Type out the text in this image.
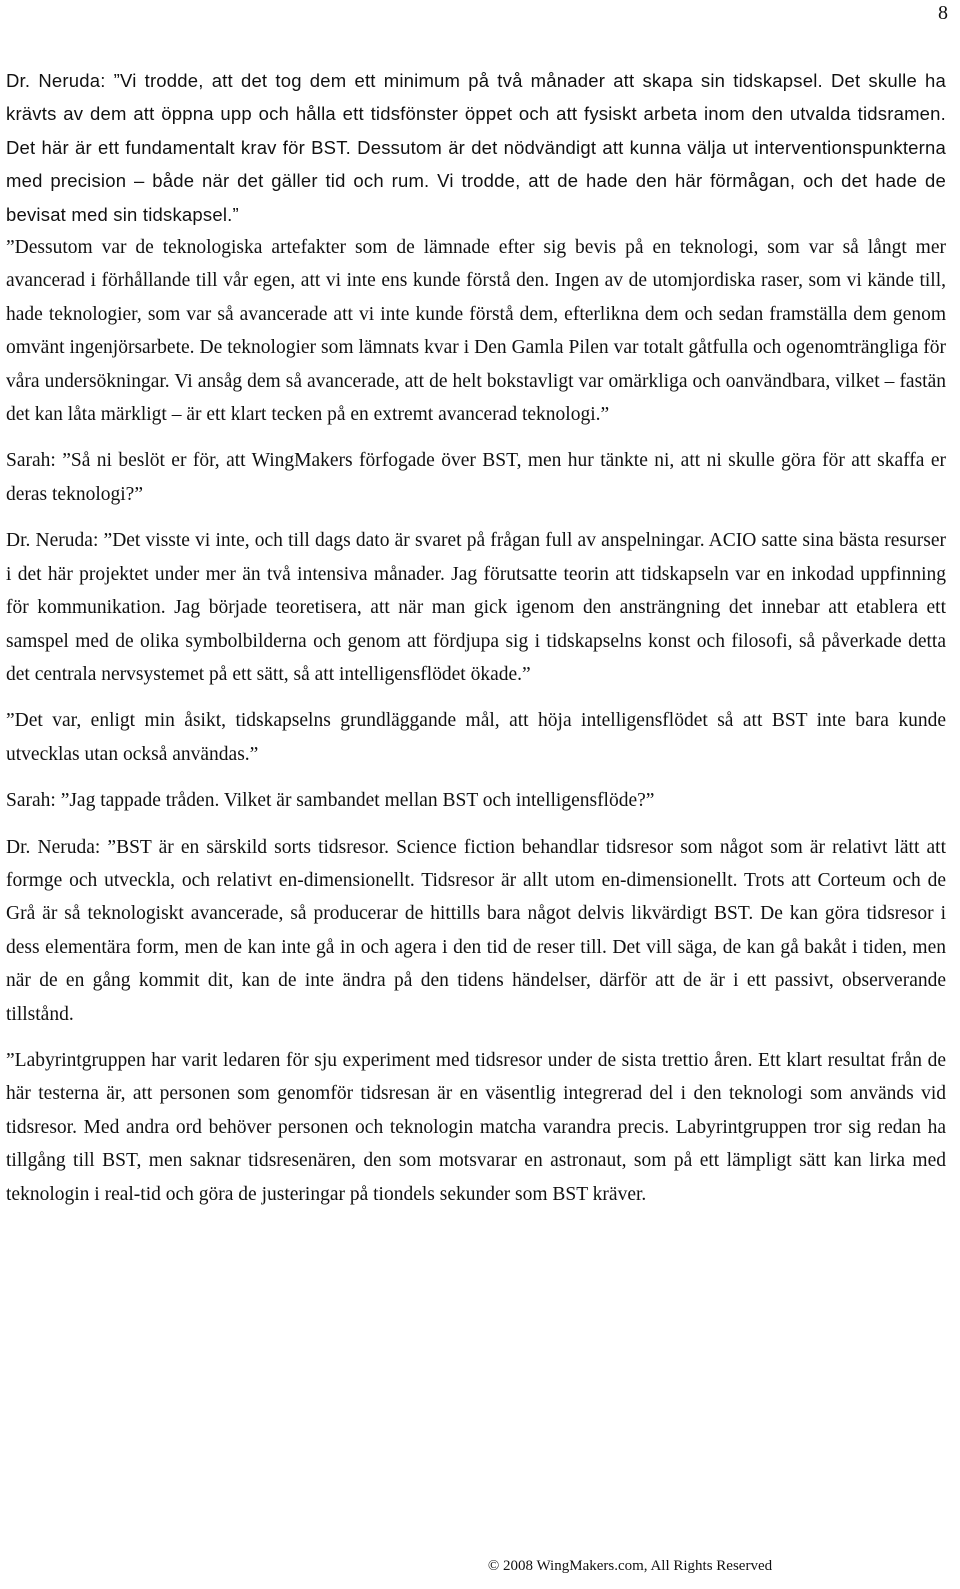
8

Dr. Neruda: ”Vi trodde, att det tog dem ett minimum på två månader att skapa sin tidskapsel. Det skulle ha krävts av dem att öppna upp och hålla ett tidsfönster öppet och att fysiskt arbeta inom den utvalda tidsramen. Det här är ett fundamentalt krav för BST. Dessutom är det nödvändigt att kunna välja ut interventionspunkterna med precision – både när det gäller tid och rum. Vi trodde, att de hade den här förmågan, och det hade de bevisat med sin tidskapsel.”

”Dessutom var de teknologiska artefakter som de lämnade efter sig bevis på en teknologi, som var så långt mer avancerad i förhållande till vår egen, att vi inte ens kunde förstå den. Ingen av de utomjordiska raser, som vi kände till, hade teknologier, som var så avancerade att vi inte kunde förstå dem, efterlikna dem och sedan framställa dem genom omvänt ingenjörsarbete. De teknologier som lämnats kvar i Den Gamla Pilen var totalt gåtfulla och ogenomträngliga för våra undersökningar. Vi ansåg dem så avancerade, att de helt bokstavligt var omärkliga och oanvändbara, vilket – fastän det kan låta märkligt – är ett klart tecken på en extremt avancerad teknologi.”

Sarah: ”Så ni beslöt er för, att WingMakers förfogade över BST, men hur tänkte ni, att ni skulle göra för att skaffa er deras teknologi?”

Dr. Neruda: ”Det visste vi inte, och till dags dato är svaret på frågan full av anspelningar. ACIO satte sina bästa resurser i det här projektet under mer än två intensiva månader. Jag förutsatte teorin att tidskapseln var en inkodad uppfinning för kommunikation. Jag började teoretisera, att när man gick igenom den ansträngning det innebar att etablera ett samspel med de olika symbolbilderna och genom att fördjupa sig i tidskapselns konst och filosofi, så påverkade detta det centrala nervsystemet på ett sätt, så att intelligensflödet ökade.”

”Det var, enligt min åsikt, tidskapselns grundläggande mål, att höja intelligensflödet så att BST inte bara kunde utvecklas utan också användas.”

Sarah: ”Jag tappade tråden. Vilket är sambandet mellan BST och intelligensflöde?”

Dr. Neruda: ”BST är en särskild sorts tidsresor. Science fiction behandlar tidsresor som något som är relativt lätt att formge och utveckla, och relativt en-dimensionellt. Tidsresor är allt utom en-dimensionellt. Trots att Corteum och de Grå är så teknologiskt avancerade, så producerar de hittills bara något delvis likvärdigt BST. De kan göra tidsresor i dess elementära form, men de kan inte gå in och agera i den tid de reser till. Det vill säga, de kan gå bakåt i tiden, men när de en gång kommit dit, kan de inte ändra på den tidens händelser, därför att de är i ett passivt, observerande tillstånd.

”Labyrintgruppen har varit ledaren för sju experiment med tidsresor under de sista trettio åren. Ett klart resultat från de här testerna är, att personen som genomför tidsresan är en väsentlig integrerad del i den teknologi som används vid tidsresor. Med andra ord behöver personen och teknologin matcha varandra precis. Labyrintgruppen tror sig redan ha tillgång till BST, men saknar tidsresenären, den som motsvarar en astronaut, som på ett lämpligt sätt kan lirka med teknologin i real-tid och göra de justeringar på tiondels sekunder som BST kräver.

© 2008 WingMakers.com, All Rights Reserved
